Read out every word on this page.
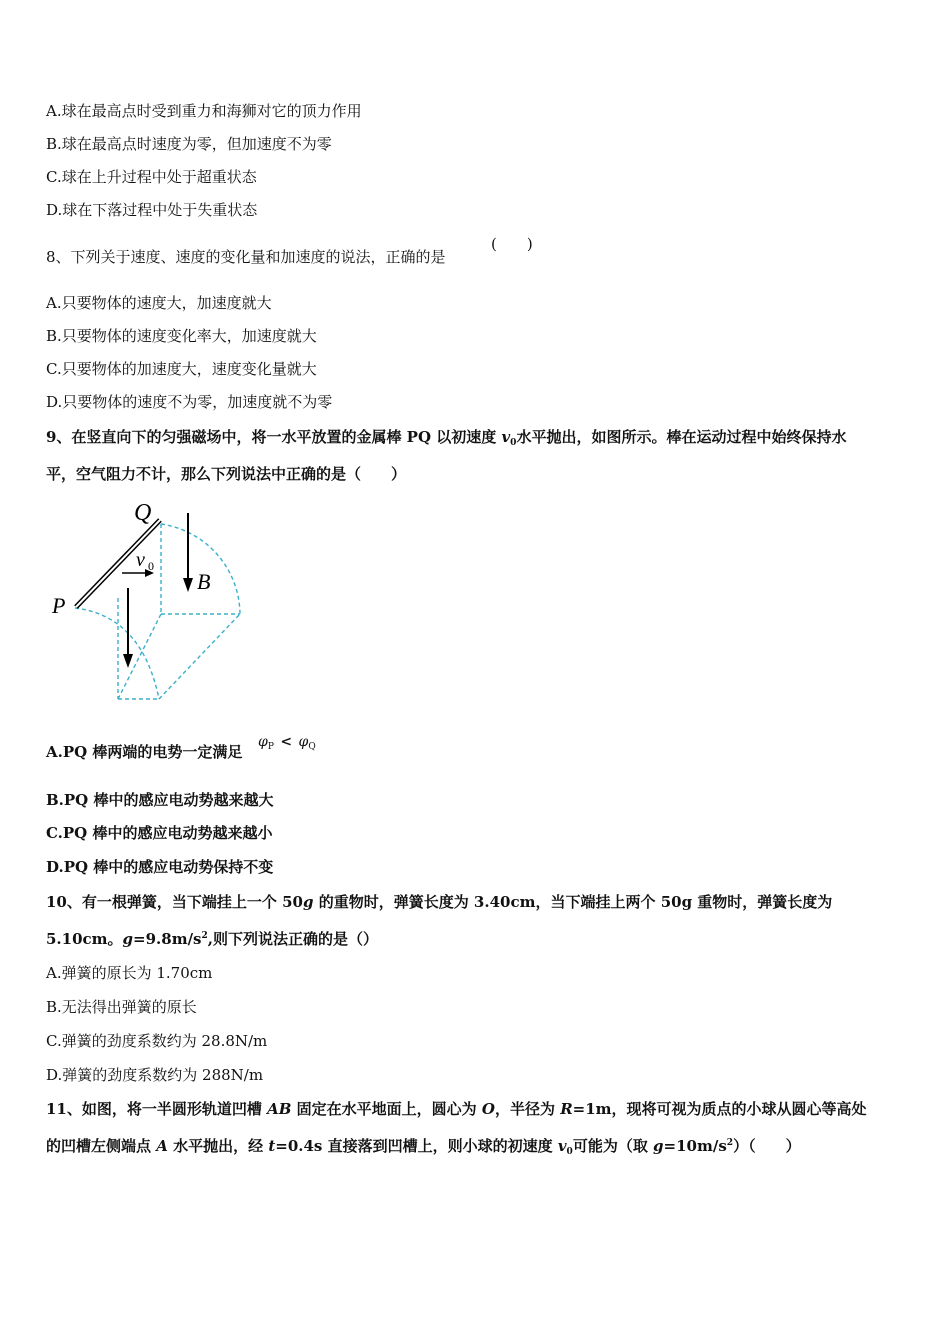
A.球在最高点时受到重力和海狮对它的顶力作用
B.球在最高点时速度为零，但加速度不为零
C.球在上升过程中处于超重状态
D.球在下落过程中处于失重状态
8、下列关于速度、速度的变化量和加速度的说法，正确的是
(　　)
A.只要物体的速度大，加速度就大
B.只要物体的速度变化率大，加速度就大
C.只要物体的加速度大，速度变化量就大
D.只要物体的速度不为零，加速度就不为零
9、在竖直向下的匀强磁场中，将一水平放置的金属棒 PQ 以初速度 $v_0$水平抛出，如图所示。棒在运动过程中始终保持水
平，空气阻力不计，那么下列说法中正确的是（　　）
Q
P
v 0
B
A.PQ 棒两端的电势一定满足
$\varphi_P < \varphi_Q$
B.PQ 棒中的感应电动势越来越大
C.PQ 棒中的感应电动势越来越小
D.PQ 棒中的感应电动势保持不变
10、有一根弹簧，当下端挂上一个 50g 的重物时，弹簧长度为 3.40cm，当下端挂上两个 50g 重物时，弹簧长度为
5.10cm。$g=9.8m/s^2$,则下列说法正确的是（）
A.弹簧的原长为 1.70cm
B.无法得出弹簧的原长
C.弹簧的劲度系数约为 28.8N/m
D.弹簧的劲度系数约为 288N/m
11、如图，将一半圆形轨道凹槽 AB 固定在水平地面上，圆心为 O，半径为 R=1m，现将可视为质点的小球从圆心等高处
的凹槽左侧端点 A 水平抛出，经 t=0.4s 直接落到凹槽上，则小球的初速度 $v_0$可能为（取 $g=10m/s^2$）（　　）
